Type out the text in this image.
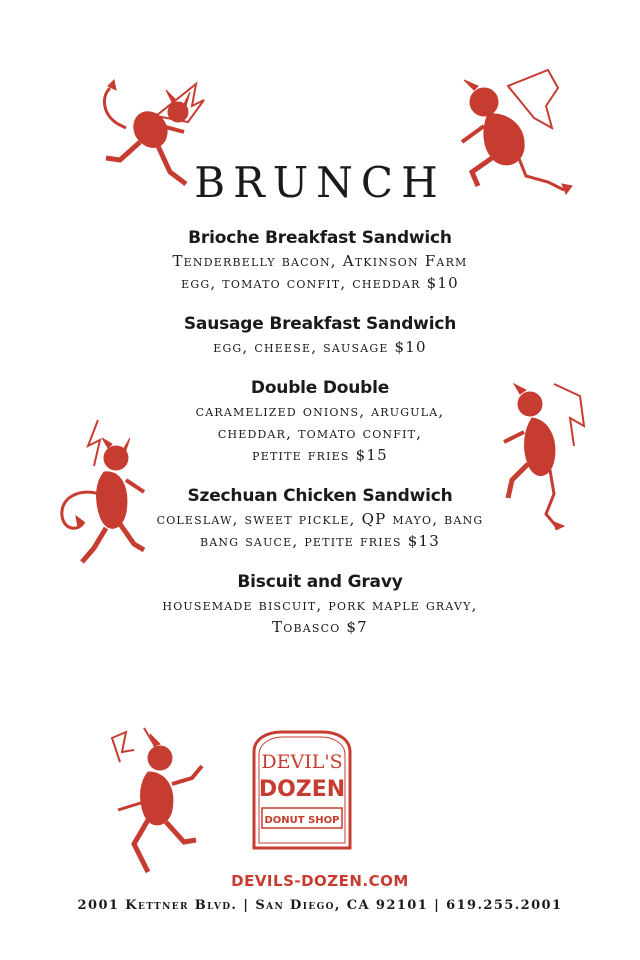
BRUNCH
Brioche Breakfast Sandwich
Tenderbelly bacon, Atkinson Farm
egg, tomato confit, cheddar $10
Sausage Breakfast Sandwich
egg, cheese, sausage $10
Double Double
caramelized onions, arugula,
cheddar, tomato confit,
petite fries $15
Szechuan Chicken Sandwich
coleslaw, sweet pickle, QP mayo, bang
bang sauce, petite fries $13
Biscuit and Gravy
housemade biscuit, pork maple gravy,
Tobasco $7
DEVIL'S
DOZEN
DONUT SHOP
DEVILS-DOZEN.COM
2001 Kettner Blvd. | San Diego, CA 92101 | 619.255.2001
